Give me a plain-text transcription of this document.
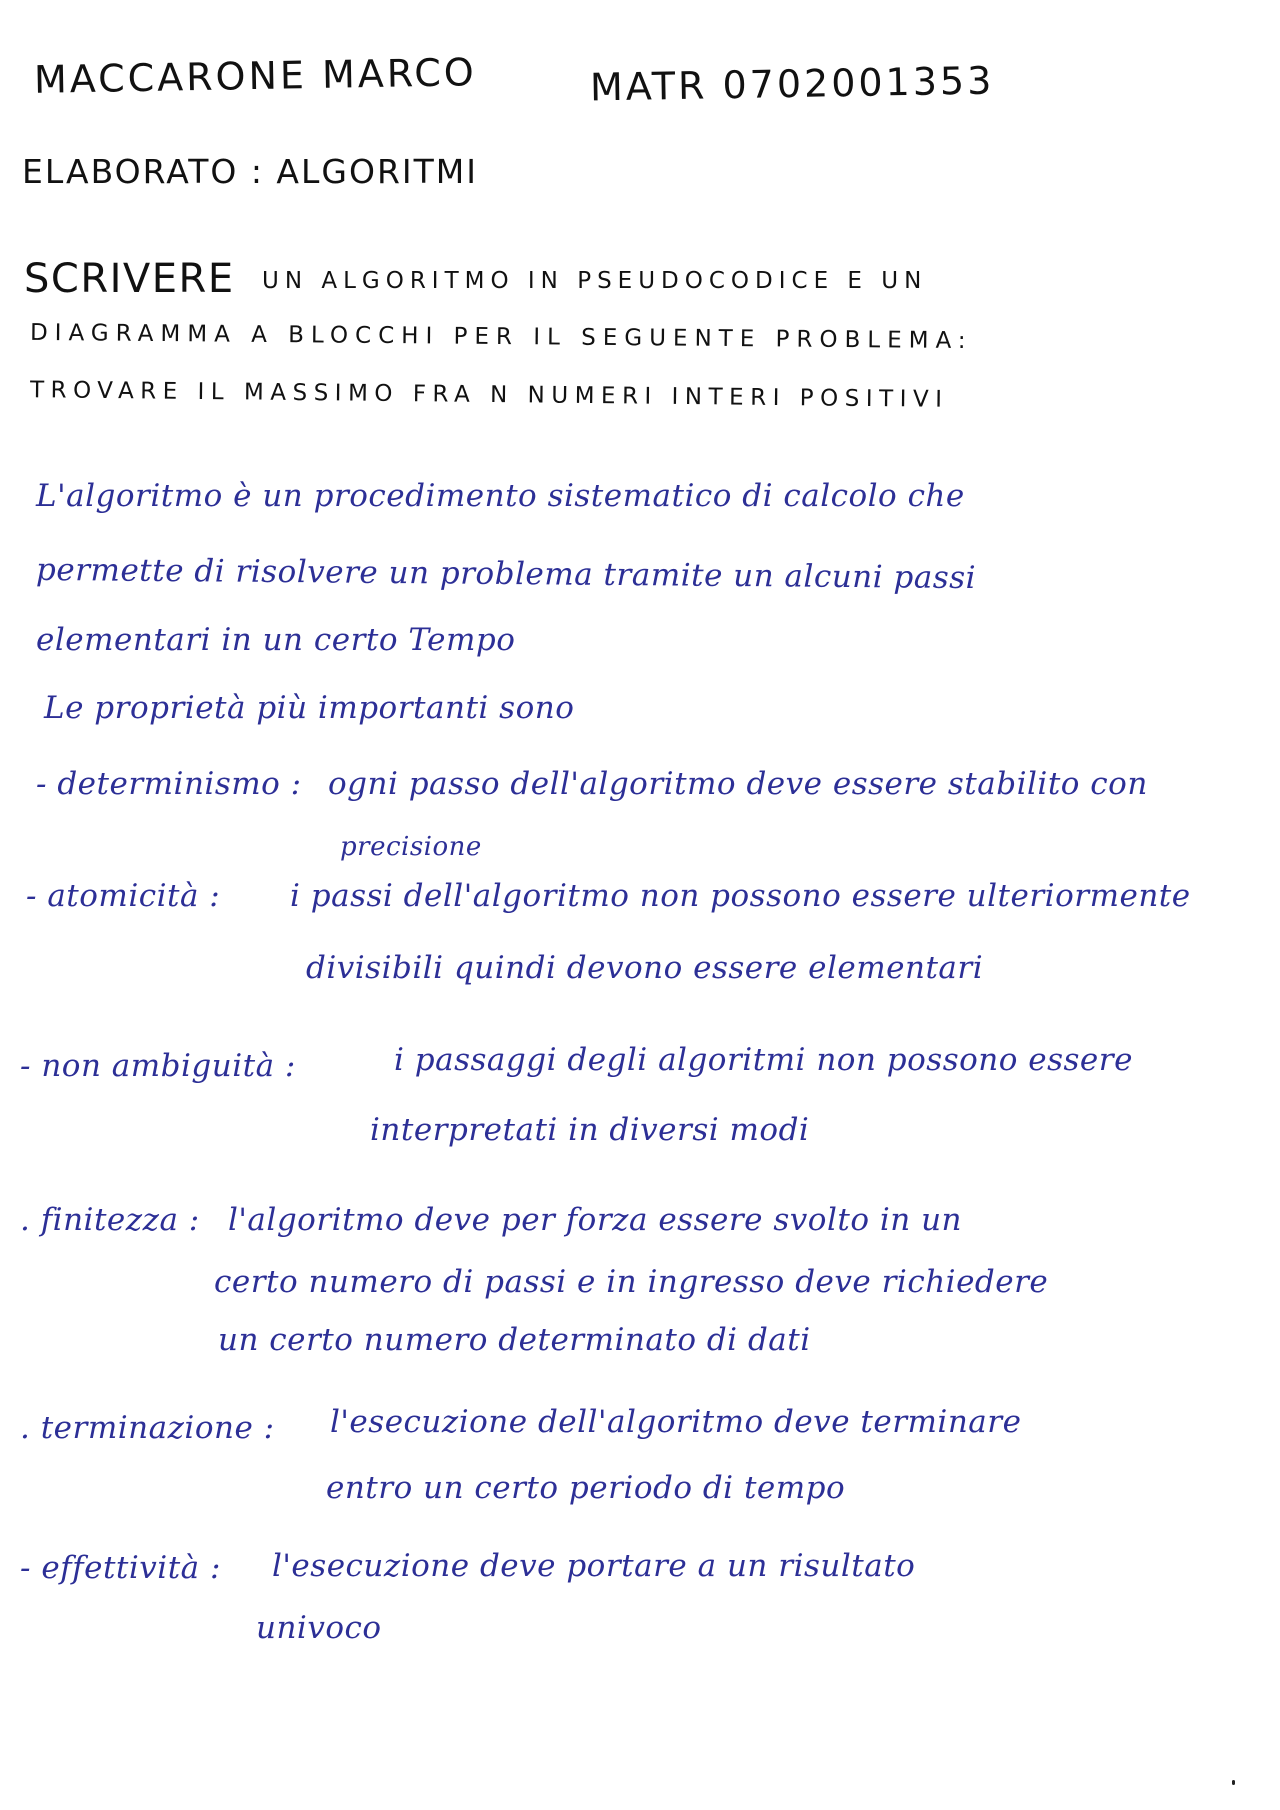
MACCARONE MARCO	MATR 0702001353
ELABORATO : ALGORITMI
SCRIVERE UN ALGORITMO IN PSEUDOCODICE E UN
DIAGRAMMA A BLOCCHI PER IL SEGUENTE PROBLEMA:
TROVARE IL MASSIMO FRA N NUMERI INTERI POSITIVI
L'algoritmo è un procedimento sistematico di calcolo che
permette di risolvere un problema tramite un alcuni passi
elementari in un certo Tempo
Le proprietà più importanti sono
- determinismo : ogni passo dell'algoritmo deve essere stabilito con
precisione
- atomicità : i passi dell'algoritmo non possono essere ulteriormente
divisibili quindi devono essere elementari
- non ambiguità :	i passaggi degli algoritmi non possono essere
interpretati in diversi modi
. finitezza : l'algoritmo deve per forza essere svolto in un
certo numero di passi e in ingresso deve richiedere
un certo numero determinato di dati
. terminazione : l'esecuzione dell'algoritmo deve terminare
entro un certo periodo di tempo
- effettività : l'esecuzione deve portare a un risultato
univoco
